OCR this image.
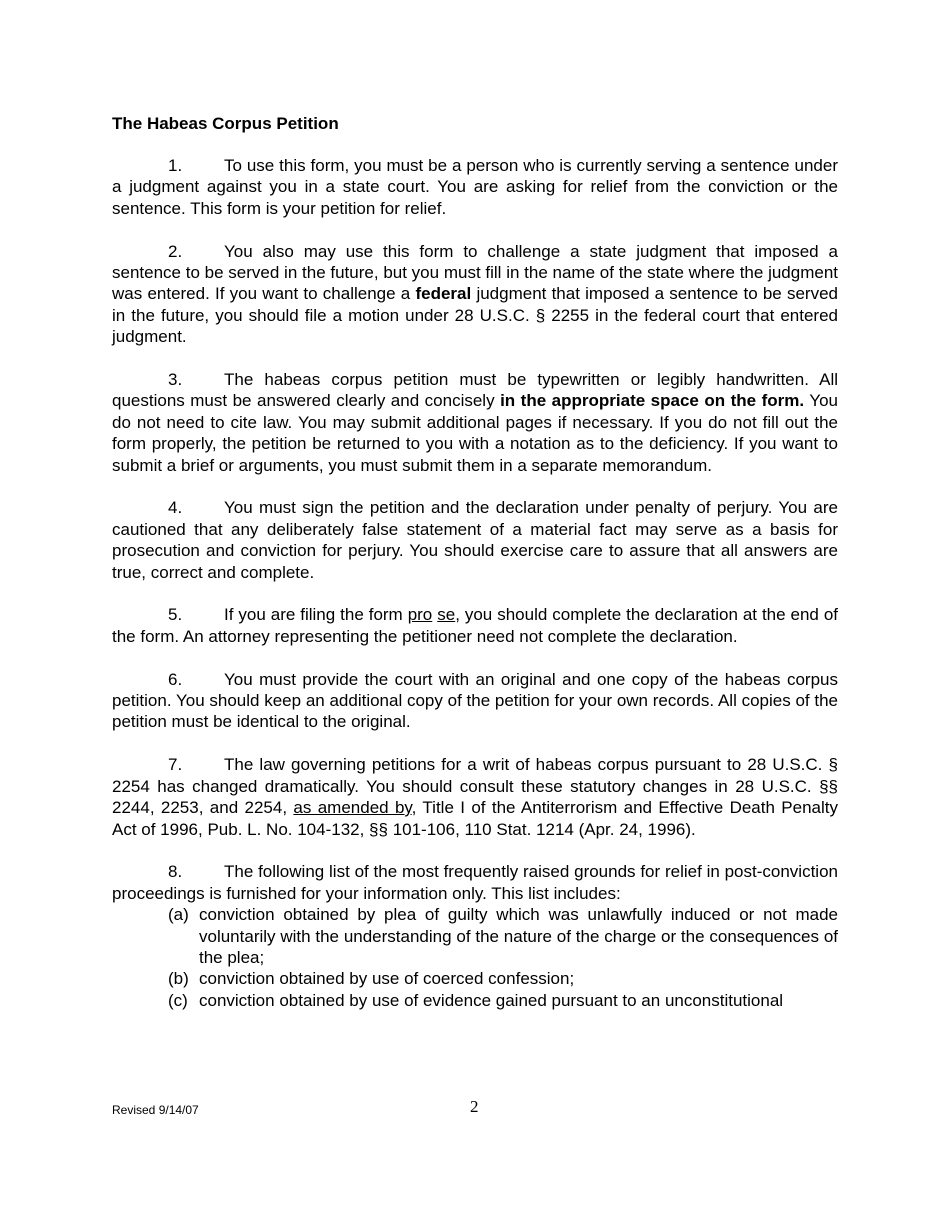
The Habeas Corpus Petition

1. To use this form, you must be a person who is currently serving a sentence under a judgment against you in a state court. You are asking for relief from the conviction or the sentence. This form is your petition for relief.

2. You also may use this form to challenge a state judgment that imposed a sentence to be served in the future, but you must fill in the name of the state where the judgment was entered. If you want to challenge a federal judgment that imposed a sentence to be served in the future, you should file a motion under 28 U.S.C. § 2255 in the federal court that entered judgment.

3. The habeas corpus petition must be typewritten or legibly handwritten. All questions must be answered clearly and concisely in the appropriate space on the form. You do not need to cite law. You may submit additional pages if necessary. If you do not fill out the form properly, the petition be returned to you with a notation as to the deficiency. If you want to submit a brief or arguments, you must submit them in a separate memorandum.

4. You must sign the petition and the declaration under penalty of perjury. You are cautioned that any deliberately false statement of a material fact may serve as a basis for prosecution and conviction for perjury. You should exercise care to assure that all answers are true, correct and complete.

5. If you are filing the form pro se, you should complete the declaration at the end of the form. An attorney representing the petitioner need not complete the declaration.

6. You must provide the court with an original and one copy of the habeas corpus petition. You should keep an additional copy of the petition for your own records. All copies of the petition must be identical to the original.

7. The law governing petitions for a writ of habeas corpus pursuant to 28 U.S.C. § 2254 has changed dramatically. You should consult these statutory changes in 28 U.S.C. §§ 2244, 2253, and 2254, as amended by, Title I of the Antiterrorism and Effective Death Penalty Act of 1996, Pub. L. No. 104-132, §§ 101-106, 110 Stat. 1214 (Apr. 24, 1996).

8. The following list of the most frequently raised grounds for relief in post-conviction proceedings is furnished for your information only. This list includes:

(a) conviction obtained by plea of guilty which was unlawfully induced or not made voluntarily with the understanding of the nature of the charge or the consequences of the plea;

(b) conviction obtained by use of coerced confession;

(c) conviction obtained by use of evidence gained pursuant to an unconstitutional

Revised 9/14/07	2
